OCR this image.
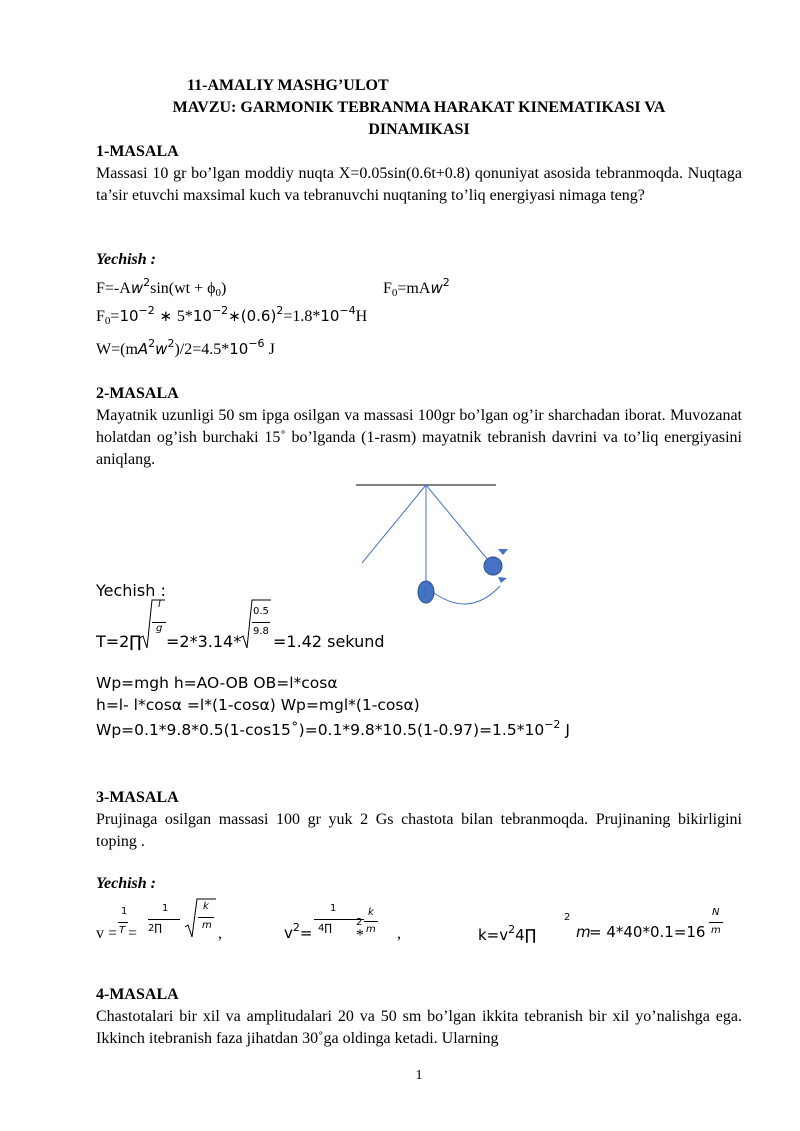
11-AMALIY MASHG’ULOT
MAVZU: GARMONIK TEBRANMA HARAKAT KINEMATIKASI VA
DINAMIKASI
1-MASALA
Massasi 10 gr bo’lgan moddiy nuqta X=0.05sin(0.6t+0.8) qonuniyat asosida tebranmoqda. Nuqtaga ta’sir etuvchi maxsimal kuch va tebranuvchi nuqtaning to’liq energiyasi nimaga teng?
Yechish :
$F=-Aw^2\sin(wt + \phi_0)$	$F_0=mAw^2$
$F_0=10^{-2}$ ∗ $5*10^{-2}∗(0.6)^2=1.8*10^{-4}H$
$W=(mA^2w^2)/2=4.5*10^{-6}$ J
2-MASALA
Mayatnik uzunligi 50 sm ipga osilgan va massasi 100gr bo’lgan og’ir sharchadan iborat. Muvozanat holatdan og’ish burchaki 15˚ bo’lganda (1-rasm) mayatnik tebranish davrini va to’liq energiyasini aniqlang.
Yechish :
T=2∏
l
g
=2*3.14*
0.5
9.8
=1.42 sekund
Wp=mgh h=AO-OB OB=l*cosα
h=l- l*cosα =l*(1-cosα) Wp=mgl*(1-cosα)
$Wp=0.1*9.8*0.5(1-\cos 15˚)=0.1*9.8*10.5(1-0.97)=1.5*10^{-2}$ J
3-MASALA
Prujinaga osilgan massasi 100 gr yuk 2 Gs chastota bilan tebranmoqda. Prujinaning bikirligini toping .
Yechish :
v =
1
T =
1
2∏
k
m ,	$v^2=$
1
4∏
2
*
k
m ,	$k=v^24\prod$
2
m
= 4*40*0.1=16
N
m
4-MASALA
Chastotalari bir xil va amplitudalari 20 va 50 sm bo’lgan ikkita tebranish bir xil yo’nalishga ega. Ikkinch itebranish faza jihatdan 30˚ga oldinga ketadi. Ularning
1
